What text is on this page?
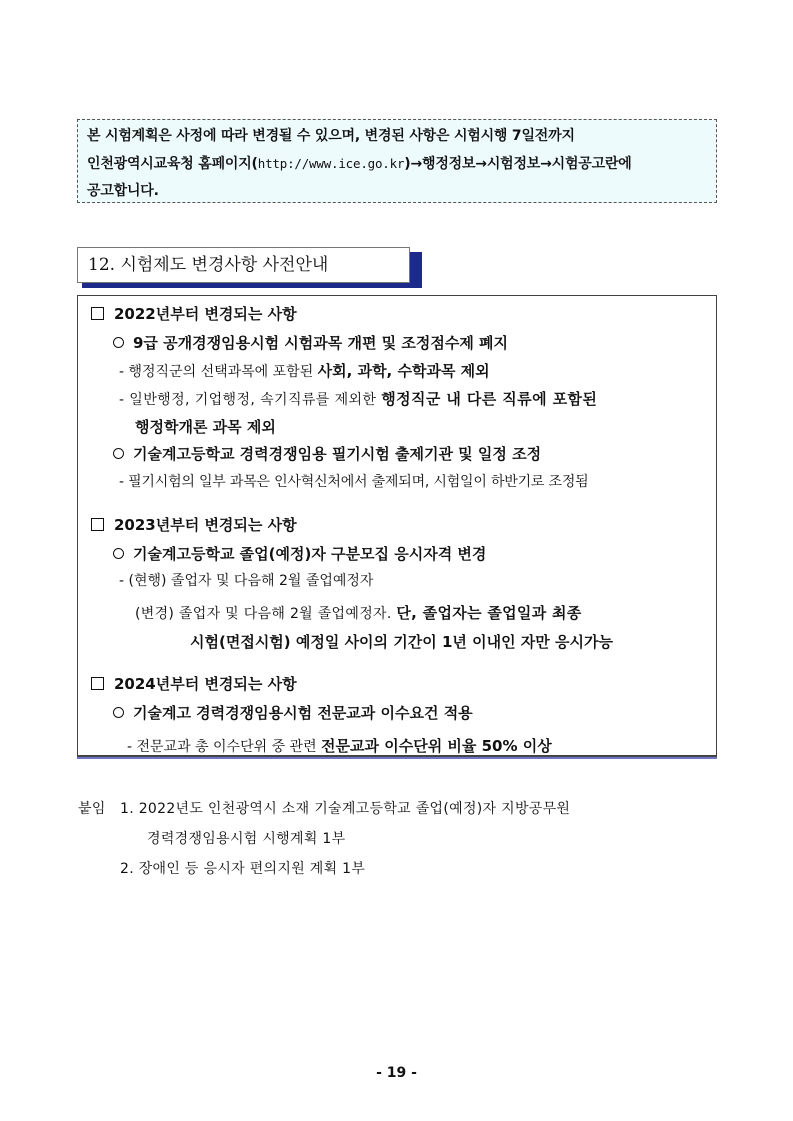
본 시험계획은 사정에 따라 변경될 수 있으며, 변경된 사항은 시험시행 7일전까지
인천광역시교육청 홈페이지(http://www.ice.go.kr)→행정정보→시험정보→시험공고란에
공고합니다.
12. 시험제도 변경사항 사전안내
2022년부터 변경되는 사항
9급 공개경쟁임용시험 시험과목 개편 및 조정점수제 폐지
- 행정직군의 선택과목에 포함된 사회, 과학, 수학과목 제외
- 일반행정, 기업행정, 속기직류를 제외한 행정직군 내 다른 직류에 포함된
행정학개론 과목 제외
기술계고등학교 경력경쟁임용 필기시험 출제기관 및 일정 조정
- 필기시험의 일부 과목은 인사혁신처에서 출제되며, 시험일이 하반기로 조정됨
2023년부터 변경되는 사항
기술계고등학교 졸업(예정)자 구분모집 응시자격 변경
- (현행) 졸업자 및 다음해 2월 졸업예정자
(변경) 졸업자 및 다음해 2월 졸업예정자. 단, 졸업자는 졸업일과 최종
시험(면접시험) 예정일 사이의 기간이 1년 이내인 자만 응시가능
2024년부터 변경되는 사항
기술계고 경력경쟁임용시험 전문교과 이수요건 적용
- 전문교과 총 이수단위 중 관련 전문교과 이수단위 비율 50% 이상
붙임 1. 2022년도 인천광역시 소재 기술계고등학교 졸업(예정)자 지방공무원
경력경쟁임용시험 시행계획 1부
2. 장애인 등 응시자 편의지원 계획 1부
- 19 -
